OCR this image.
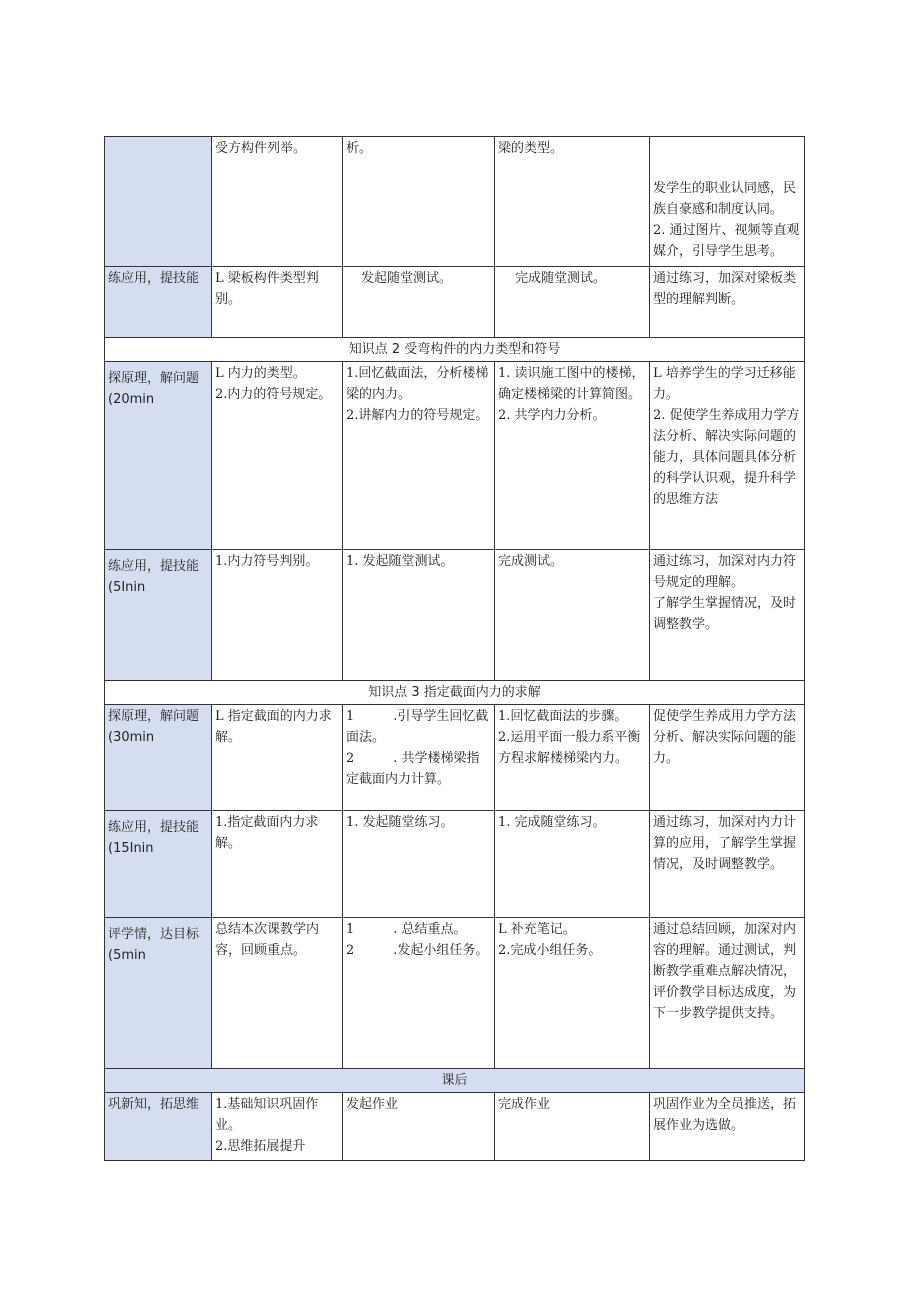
	受方构件列举。	析。	梁的类型。	发学生的职业认同感，民族自豪感和制度认同。
2. 通过图片、视频等直观媒介，引导学生思考。

练应用，提技能	L 梁板构件类型判别。	发起随堂测试。	完成随堂测试。	通过练习，加深对梁板类型的理解判断。
知识点 2 受弯构件的内力类型和符号				
探原理，解问题(20min	L 内力的类型。
2.内力的符号规定。	1.回忆截面法，分析楼梯梁的内力。
2.讲解内力的符号规定。	1. 读识施工图中的楼梯，确定楼梯梁的计算简图。
2. 共学内力分析。	L 培养学生的学习迁移能力。
2. 促使学生养成用力学方法分析、解决实际问题的能力，具体问题具体分析的科学认识观，提升科学的思维方法

练应用，提技能(5Inin	1.内力符号判别。	1. 发起随堂测试。	完成测试。	通过练习，加深对内力符号规定的理解。
了解学生掌握情况，及时调整教学。

知识点 3 指定截面内力的求解				
探原理，解问题(30min	L 指定截面的内力求解。	1　　　.引导学生回忆截面法。
2　　　. 共学楼梯梁指定截面内力计算。	1.回忆截面法的步骤。
2.运用平面一般力系平衡方程求解楼梯梁内力。	促使学生养成用力学方法分析、解决实际问题的能力。
练应用，提技能(15Inin	1.指定截面内力求解。	1. 发起随堂练习。	1. 完成随堂练习。	通过练习，加深对内力计算的应用，了解学生掌握情况，及时调整教学。
评学情，达目标(5min	总结本次课教学内容，回顾重点。	1　　　. 总结重点。
2　　　.发起小组任务。	L 补充笔记。
2.完成小组任务。	通过总结回顾，加深对内容的理解。通过测试，判断教学重难点解决情况，评价教学目标达成度，为下一步教学提供支持。
课后				
巩新知，拓思维	1.基础知识巩固作业。
2.思维拓展提升	发起作业	完成作业	巩固作业为全员推送，拓展作业为选做。
